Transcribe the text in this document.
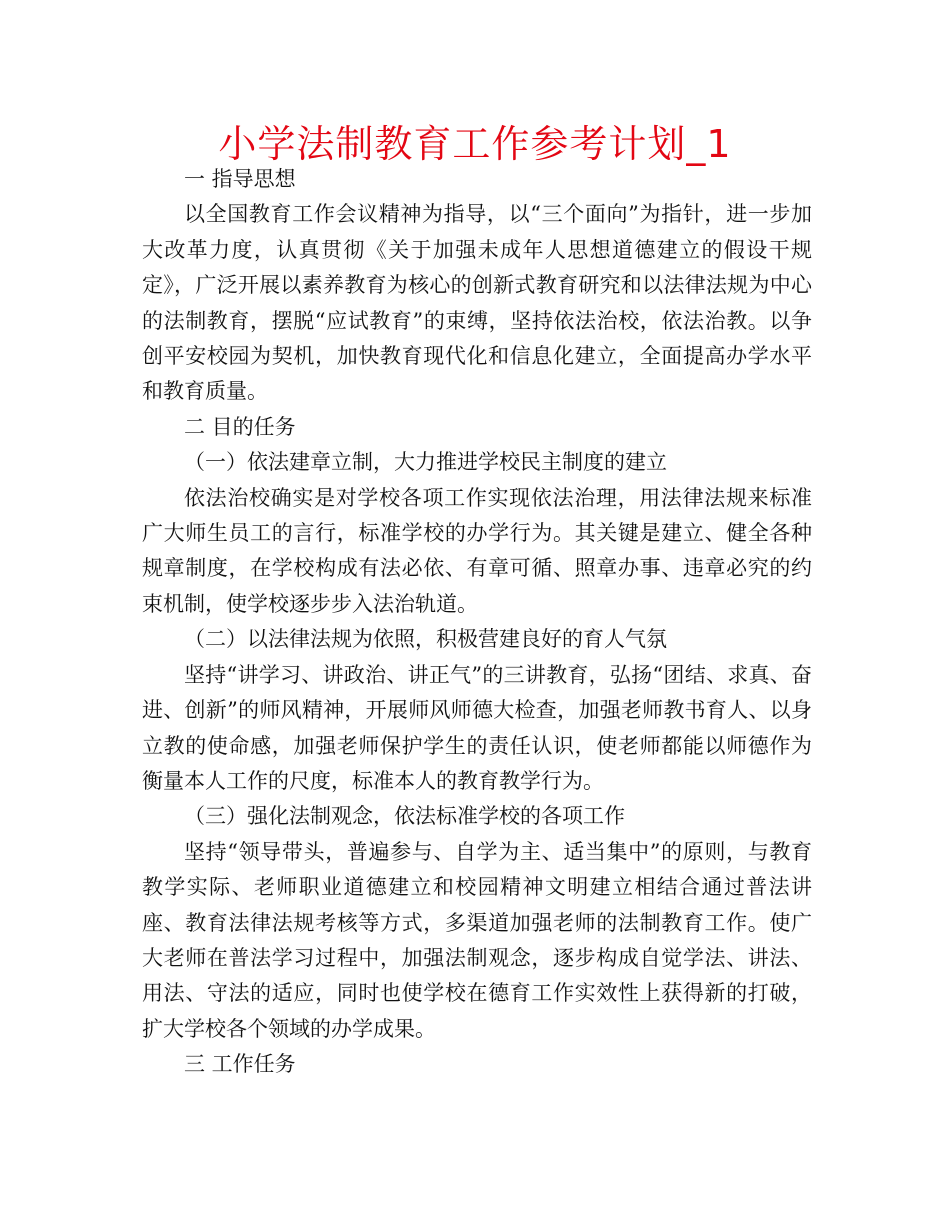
小学法制教育工作参考计划_1

一 指导思想

以全国教育工作会议精神为指导，以“三个面向”为指针，进一步加大改革力度，认真贯彻《关于加强未成年人思想道德建立的假设干规定》，广泛开展以素养教育为核心的创新式教育研究和以法律法规为中心的法制教育，摆脱“应试教育”的束缚，坚持依法治校，依法治教。以争创平安校园为契机，加快教育现代化和信息化建立，全面提高办学水平和教育质量。

二 目的任务

（一）依法建章立制，大力推进学校民主制度的建立

依法治校确实是对学校各项工作实现依法治理，用法律法规来标准广大师生员工的言行，标准学校的办学行为。其关键是建立、健全各种规章制度，在学校构成有法必依、有章可循、照章办事、违章必究的约束机制，使学校逐步步入法治轨道。

（二）以法律法规为依照，积极营建良好的育人气氛

坚持“讲学习、讲政治、讲正气”的三讲教育，弘扬“团结、求真、奋进、创新”的师风精神，开展师风师德大检查，加强老师教书育人、以身立教的使命感，加强老师保护学生的责任认识，使老师都能以师德作为衡量本人工作的尺度，标准本人的教育教学行为。

（三）强化法制观念，依法标准学校的各项工作

坚持“领导带头，普遍参与、自学为主、适当集中”的原则，与教育教学实际、老师职业道德建立和校园精神文明建立相结合通过普法讲座、教育法律法规考核等方式，多渠道加强老师的法制教育工作。使广大老师在普法学习过程中，加强法制观念，逐步构成自觉学法、讲法、用法、守法的适应，同时也使学校在德育工作实效性上获得新的打破，扩大学校各个领域的办学成果。

三 工作任务
